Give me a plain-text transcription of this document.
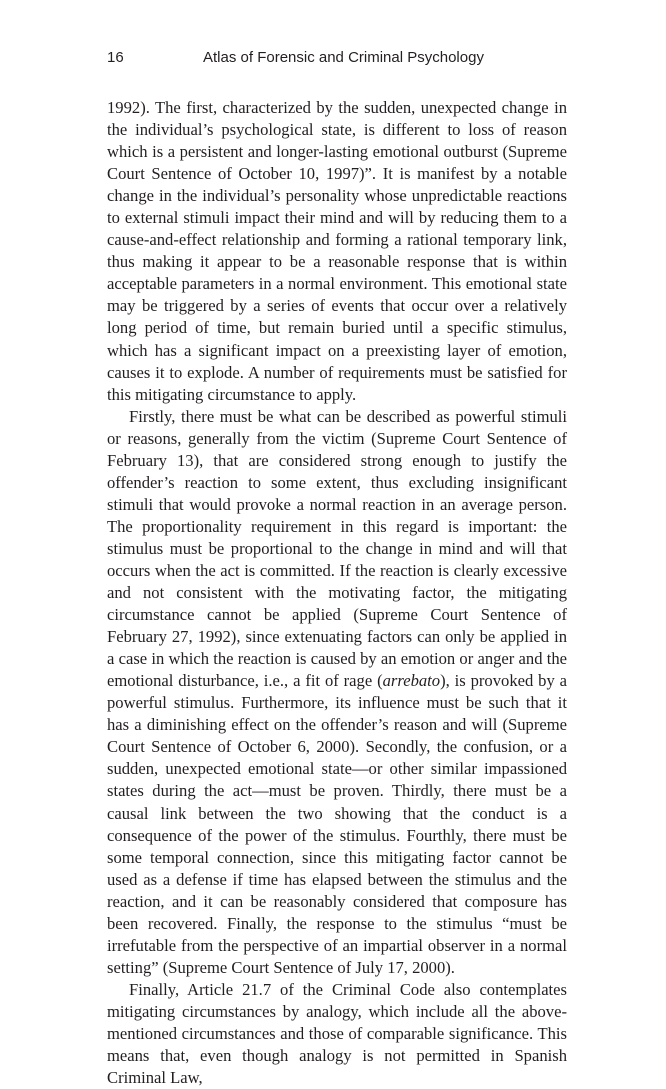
16	Atlas of Forensic and Criminal Psychology

1992). The first, characterized by the sudden, unexpected change in the individual’s psychological state, is different to loss of reason which is a persistent and longer-lasting emotional outburst (Supreme Court Sentence of October 10, 1997)”. It is manifest by a notable change in the individual’s personality whose unpredictable reactions to external stimuli impact their mind and will by reducing them to a cause-and-effect relationship and forming a rational temporary link, thus making it appear to be a reasonable response that is within acceptable parameters in a normal environment. This emotional state may be triggered by a series of events that occur over a relatively long period of time, but remain buried until a specific stimulus, which has a significant impact on a preexisting layer of emotion, causes it to explode. A number of requirements must be satisfied for this mitigating circumstance to apply.

Firstly, there must be what can be described as powerful stimuli or reasons, generally from the victim (Supreme Court Sentence of February 13), that are considered strong enough to justify the offender’s reaction to some extent, thus excluding insignificant stimuli that would provoke a normal reaction in an average person. The proportionality requirement in this regard is important: the stimulus must be proportional to the change in mind and will that occurs when the act is committed. If the reaction is clearly excessive and not consistent with the motivating factor, the mitigating circumstance cannot be applied (Supreme Court Sentence of February 27, 1992), since extenuating factors can only be applied in a case in which the reaction is caused by an emotion or anger and the emotional disturbance, i.e., a fit of rage (arrebato), is provoked by a powerful stimulus. Furthermore, its influence must be such that it has a diminishing effect on the offender’s reason and will (Supreme Court Sentence of October 6, 2000). Secondly, the confusion, or a sudden, unexpected emotional state—or other similar impassioned states during the act—must be proven. Thirdly, there must be a causal link between the two showing that the conduct is a consequence of the power of the stimulus. Fourthly, there must be some temporal connection, since this mitigating factor cannot be used as a defense if time has elapsed between the stimulus and the reaction, and it can be reasonably considered that composure has been recovered. Finally, the response to the stimulus “must be irrefutable from the perspective of an impartial observer in a normal setting” (Supreme Court Sentence of July 17, 2000).

Finally, Article 21.7 of the Criminal Code also contemplates mitigating circumstances by analogy, which include all the above-mentioned circumstances and those of comparable significance. This means that, even though analogy is not permitted in Spanish Criminal Law,
